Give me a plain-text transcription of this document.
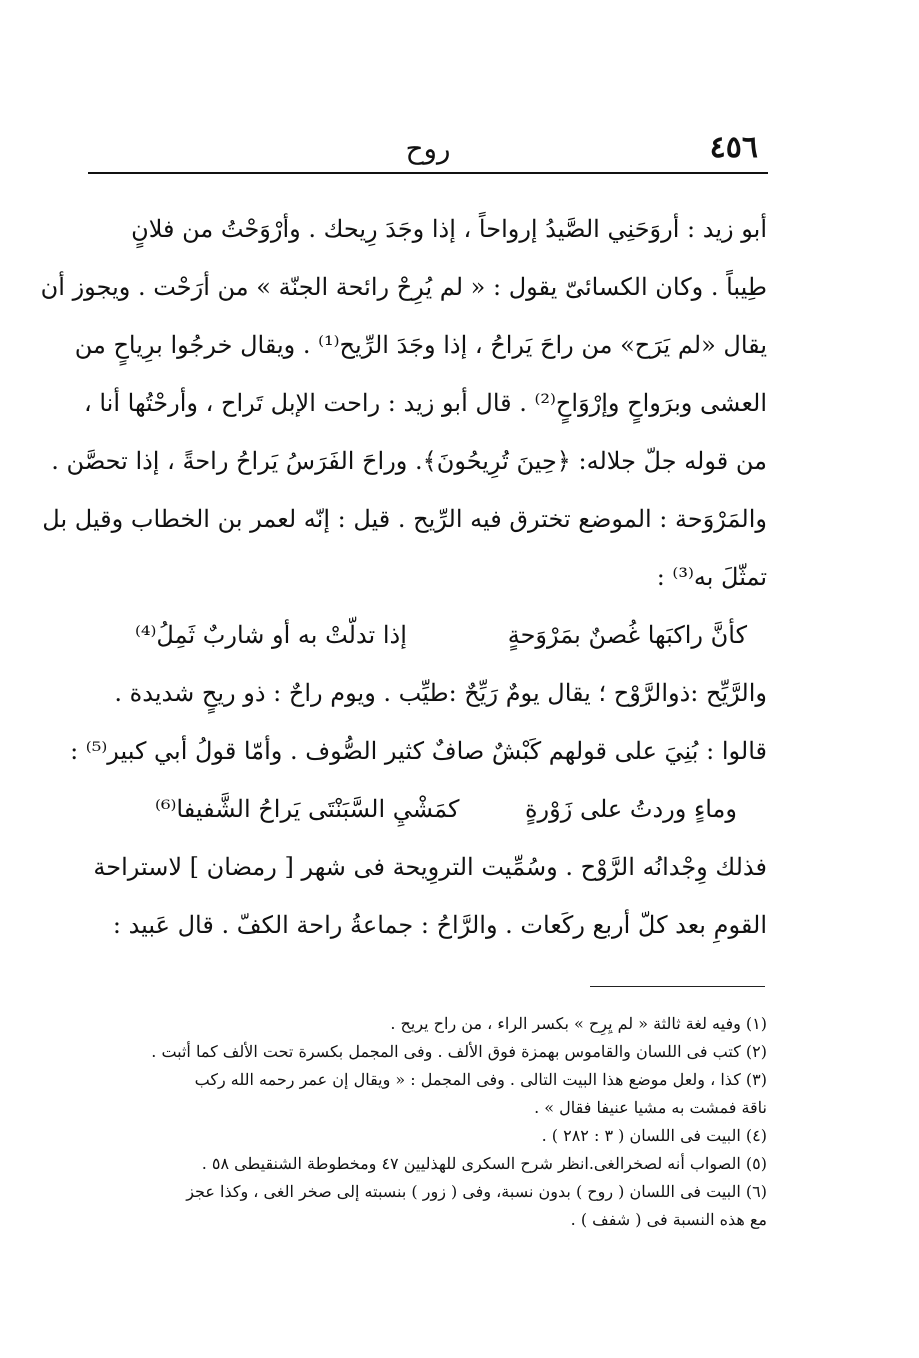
٤٥٦
روح
أبو زيد : أروَحَنِي الصَّيدُ إرواحاً ، إذا وجَدَ رِيحك . وأرْوَحْتُ من فلانٍ
طِيباً . وكان الكسائىّ يقول : « لم يُرِحْ رائحة الجنّة » من أرَحْت . ويجوز أن
يقال «لم يَرَح» من راحَ يَراحُ ، إذا وجَدَ الرِّيح⁽¹⁾ . ويقال خرجُوا برِياحٍ من
العشى وبرَواحٍ وإرْوَاحٍ⁽²⁾ . قال أبو زيد : راحت الإبل تَراح ، وأرحْتُها أنا ،
من قوله جلّ جلاله: ﴿حِينَ تُرِيحُونَ﴾. وراحَ الفَرَسُ يَراحُ راحةً ، إذا تحصَّن .
والمَرْوَحة : الموضع تخترق فيه الرِّيح . قيل : إنّه لعمر بن الخطاب وقيل بل
تمثّلَ به⁽³⁾ :
كأنَّ راكبَها غُصنٌ بمَرْوَحةٍ
إذا تدلّتْ به أو شاربٌ ثَمِلُ⁽⁴⁾
والرَّيِّح :ذوالرَّوْح ؛ يقال يومٌ رَيِّحٌ :طيِّب . ويوم راحٌ : ذو ريحٍ شديدة .
قالوا : بُنِيَ على قولهم كَبْشٌ صافٌ كثير الصُّوف . وأمّا قولُ أبي كبير⁽⁵⁾ :
وماءٍ وردتُ على زَوْرةٍ
كمَشْيِ السَّبَنْتَى يَراحُ الشَّفيفا⁽⁶⁾
فذلك وِجْدانُه الرَّوْح . وسُمِّيت التروِيحة فى شهر [ رمضان ] لاستراحة
القومِ بعد كلّ أربع ركَعات . والرَّاحُ : جماعةُ راحة الكفّ . قال عَبيد :
(١) وفيه لغة ثالثة « لم يِرِح » بكسر الراء ، من راح يريح .
(٢) كتب فى اللسان والقاموس بهمزة فوق الألف . وفى المجمل بكسرة تحت الألف كما أثبت .
(٣) كذا ، ولعل موضع هذا البيت التالى . وفى المجمل : « ويقال إن عمر رحمه الله ركب
ناقة فمشت به مشيا عنيفا فقال » .
(٤) البيت فى اللسان ( ٣ : ٢٨٢ ) .
(٥) الصواب أنه لصخرالغى.انظر شرح السكرى للهذليين ٤٧ ومخطوطة الشنقيطى ٥٨ .
(٦) البيت فى اللسان ( روح ) بدون نسبة، وفى ( زور ) بنسبته إلى صخر الغى ، وكذا عجز
مع هذه النسبة فى ( شفف ) .
